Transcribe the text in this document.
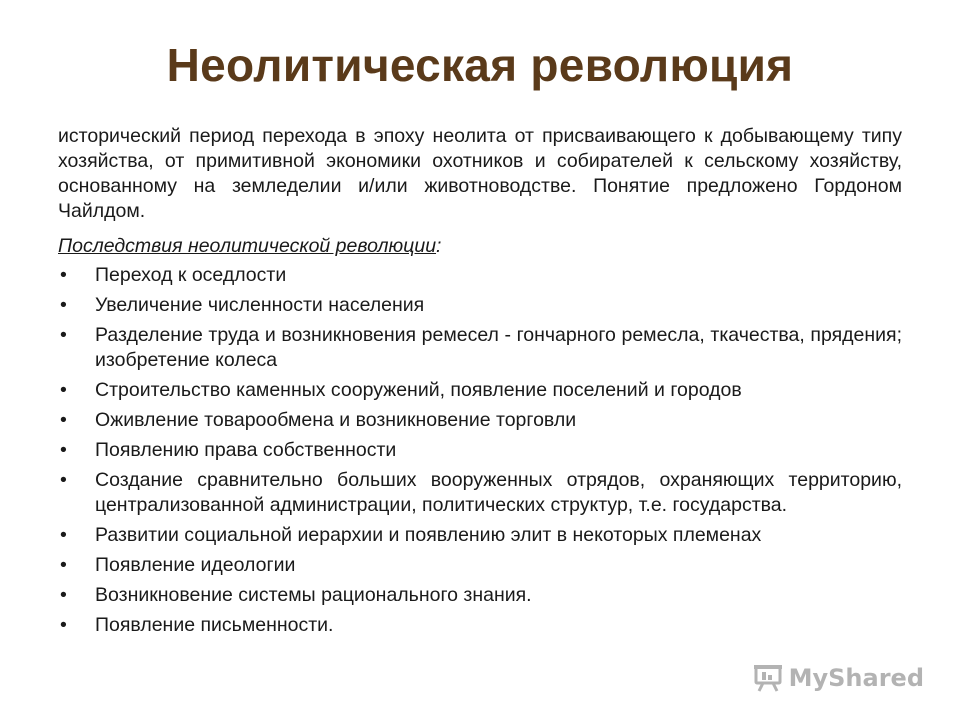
Неолитическая революция

исторический период перехода в эпоху неолита от присваивающего к добывающему типу хозяйства, от примитивной экономики охотников и собирателей к сельскому хозяйству, основанному на земледелии и/или животноводстве. Понятие предложено Гордоном Чайлдом.

Последствия неолитической революции:
• Переход к оседлости
• Увеличение численности населения
• Разделение труда и возникновения ремесел - гончарного ремесла, ткачества, прядения; изобретение колеса
• Строительство каменных сооружений, появление поселений и городов
• Оживление товарообмена и возникновение торговли
• Появлению права собственности
• Создание сравнительно больших вооруженных отрядов, охраняющих территорию, централизованной администрации, политических структур, т.е. государства.
• Развитии социальной иерархии и появлению элит в некоторых племенах
• Появление идеологии
• Возникновение системы рационального знания.
• Появление письменности.
MyShared
